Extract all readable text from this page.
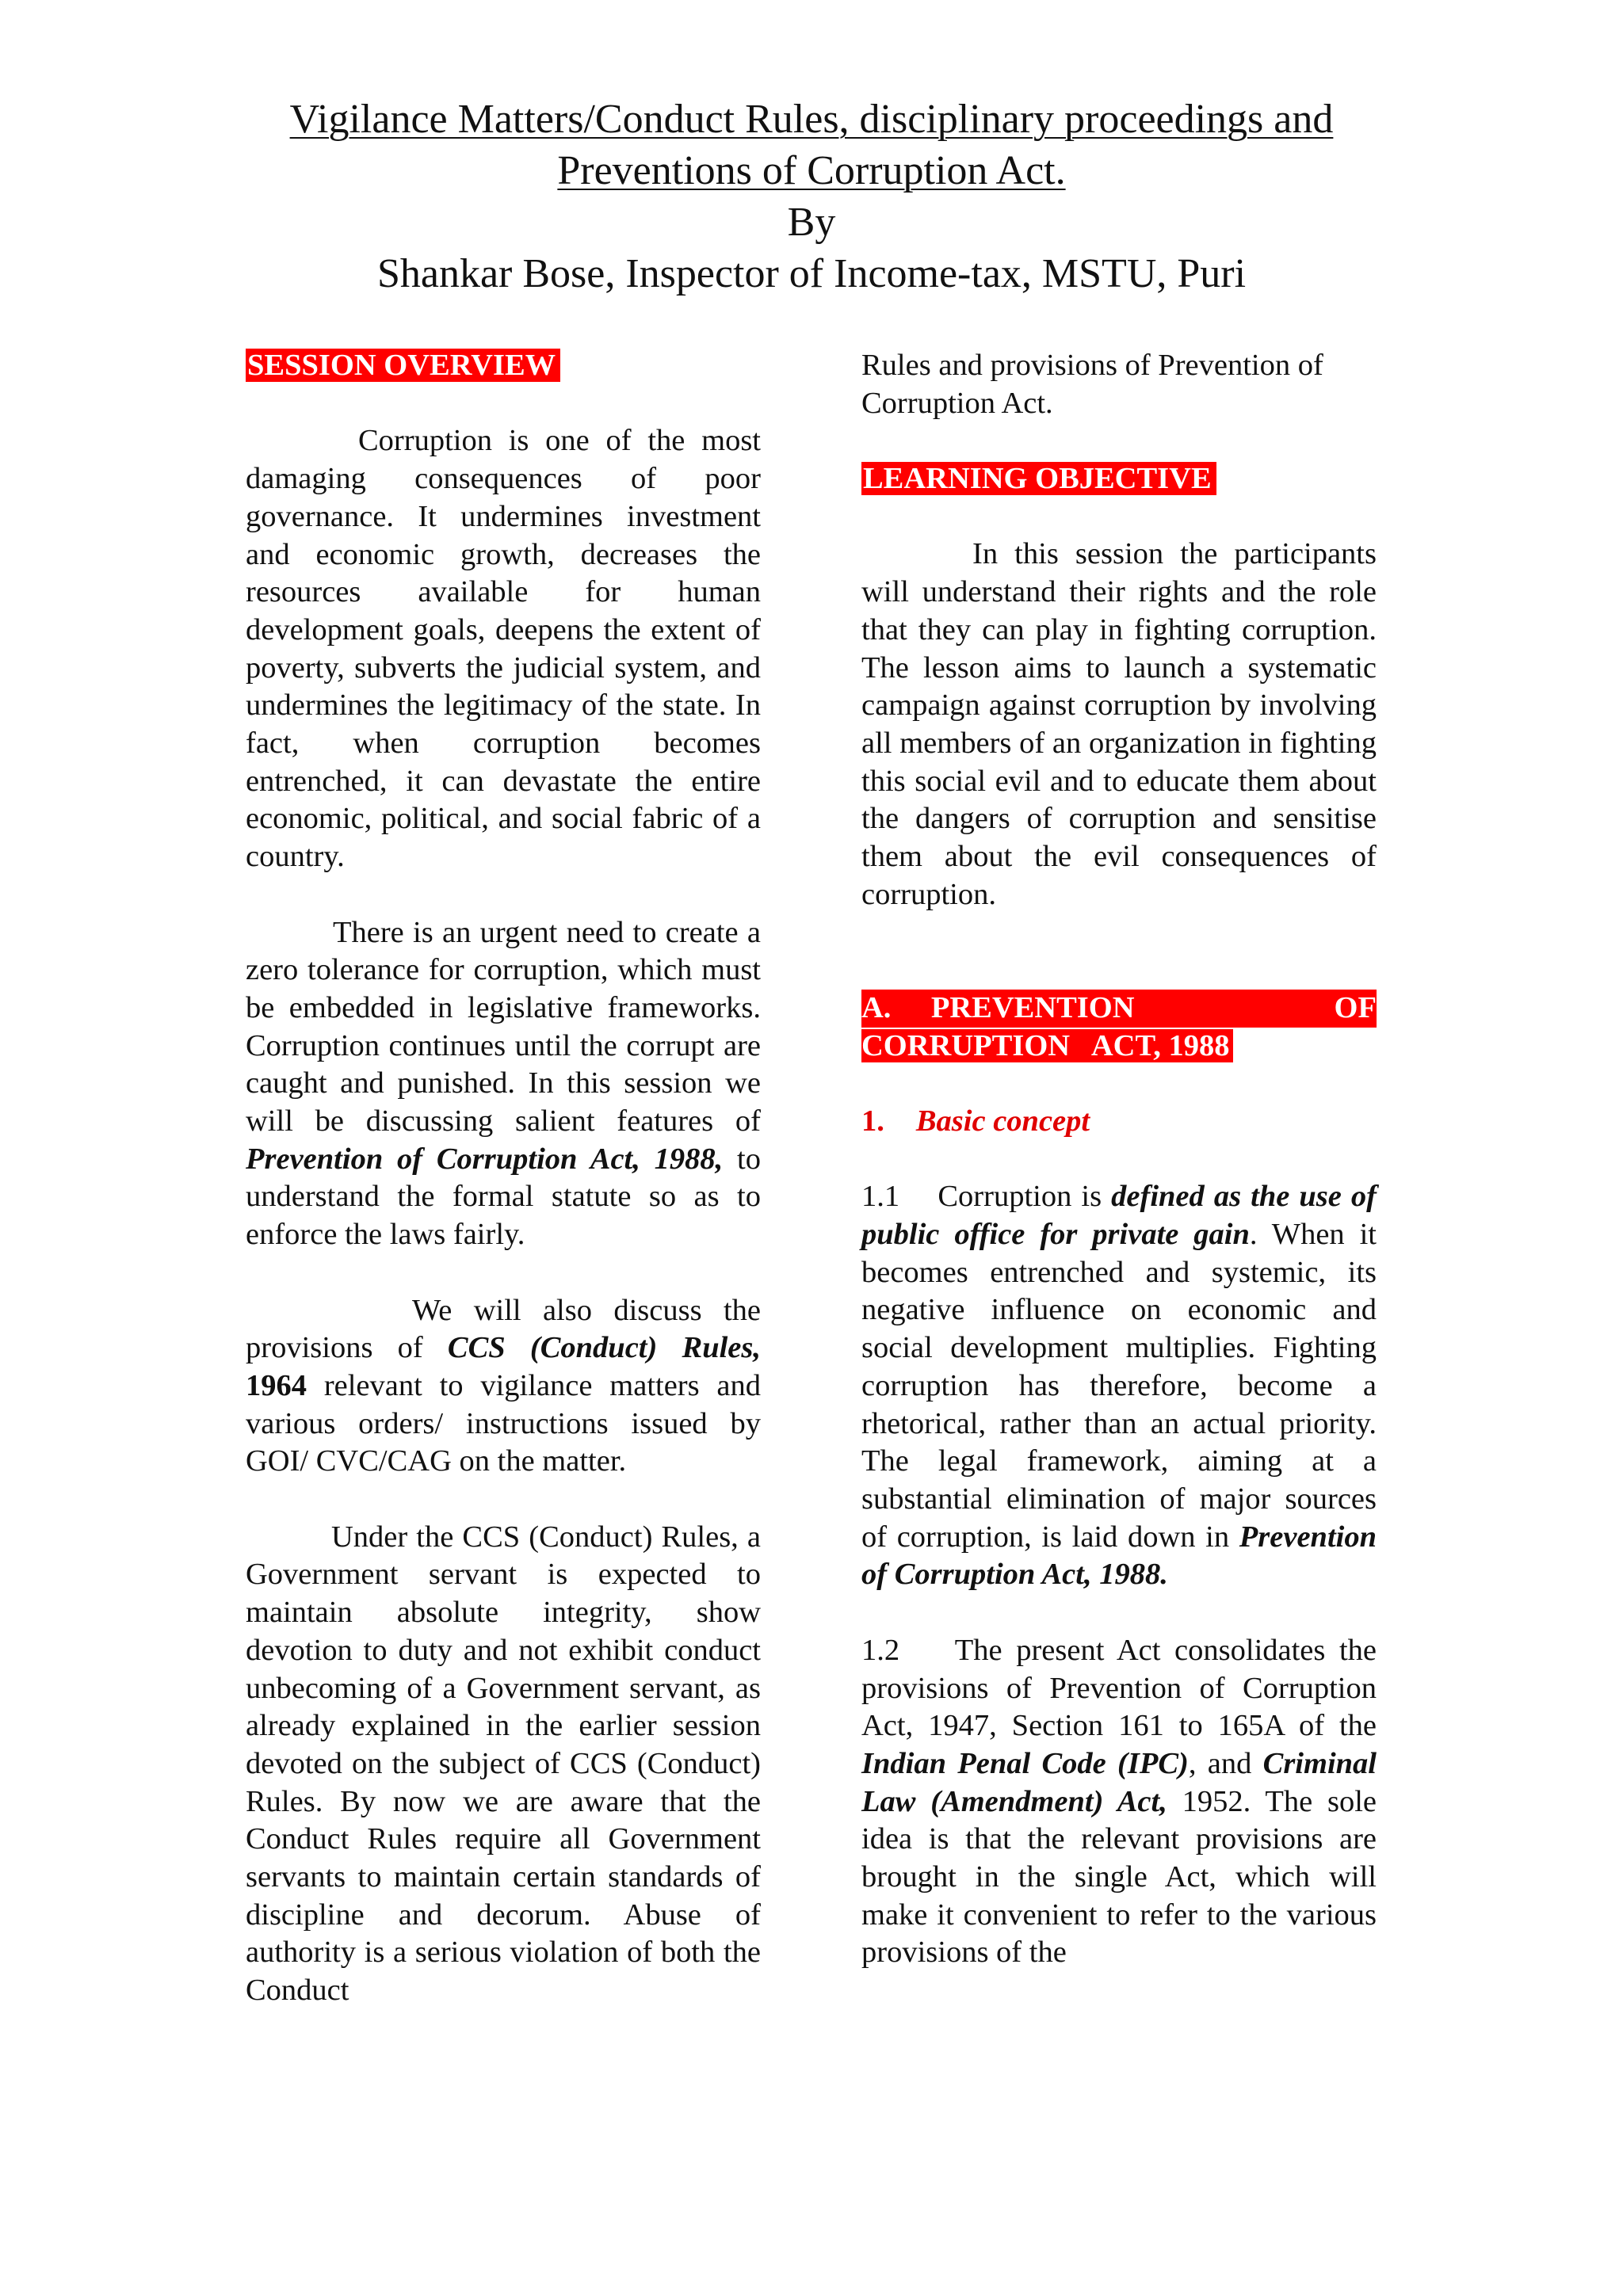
Vigilance Matters/Conduct Rules, disciplinary proceedings and
Preventions of Corruption Act.
By
Shankar Bose, Inspector of Income-tax, MSTU, Puri
SESSION OVERVIEW

Corruption is one of the most damaging consequences of poor governance. It undermines investment and economic growth, decreases the resources available for human development goals, deepens the extent of poverty, subverts the judicial system, and undermines the legitimacy of the state. In fact, when corruption becomes entrenched, it can devastate the entire economic, political, and social fabric of a country.

There is an urgent need to create a zero tolerance for corruption, which must be embedded in legislative frameworks. Corruption continues until the corrupt are caught and punished. In this session we will be discussing salient features of Prevention of Corruption Act, 1988, to understand the formal statute so as to enforce the laws fairly.

We will also discuss the provisions of CCS (Conduct) Rules, 1964 relevant to vigilance matters and various orders/ instructions issued by GOI/ CVC/CAG on the matter.

Under the CCS (Conduct) Rules, a Government servant is expected to maintain absolute integrity, show devotion to duty and not exhibit conduct unbecoming of a Government servant, as already explained in the earlier session devoted on the subject of CCS (Conduct) Rules. By now we are aware that the Conduct Rules require all Government servants to maintain certain standards of discipline and decorum. Abuse of authority is a serious violation of both the Conduct

Rules and provisions of Prevention of Corruption Act.

LEARNING OBJECTIVE

In this session the participants will understand their rights and the role that they can play in fighting corruption. The lesson aims to launch a systematic campaign against corruption by involving all members of an organization in fighting this social evil and to educate them about the dangers of corruption and sensitise them about the evil consequences of corruption.

A.    PREVENTION                    OF
CORRUPTION   ACT, 1988
1. Basic concept

1.1    Corruption is defined as the use of public office for private gain. When it becomes entrenched and systemic, its negative influence on economic and social development multiplies. Fighting corruption has therefore, become a rhetorical, rather than an actual priority. The legal framework, aiming at a substantial elimination of major sources of corruption, is laid down in Prevention of Corruption Act, 1988.

1.2    The present Act consolidates the provisions of Prevention of Corruption Act, 1947, Section 161 to 165A of the Indian Penal Code (IPC), and Criminal Law (Amendment) Act, 1952. The sole idea is that the relevant provisions are brought in the single Act, which will make it convenient to refer to the various provisions of the
